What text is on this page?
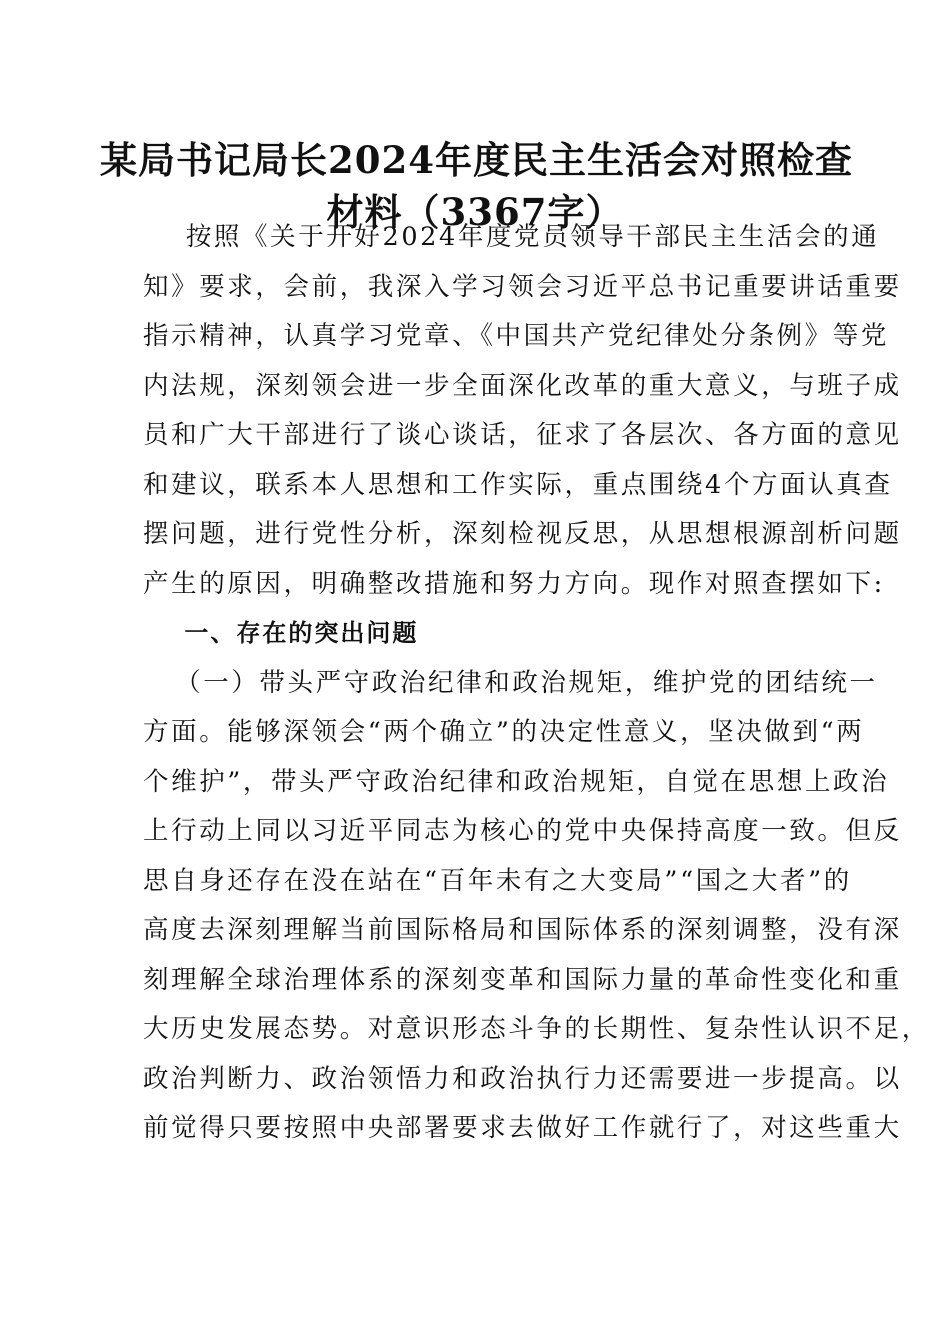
某局书记局长2024年度民主生活会对照检查
材料（3367字）
按照《关于开好2024年度党员领导干部民主生活会的通
知》要求，会前，我深入学习领会习近平总书记重要讲话重要
指示精神，认真学习党章、《中国共产党纪律处分条例》等党
内法规，深刻领会进一步全面深化改革的重大意义，与班子成
员和广大干部进行了谈心谈话，征求了各层次、各方面的意见
和建议，联系本人思想和工作实际，重点围绕4个方面认真查
摆问题，进行党性分析，深刻检视反思，从思想根源剖析问题
产生的原因，明确整改措施和努力方向。现作对照查摆如下:
一、存在的突出问题
（一）带头严守政治纪律和政治规矩，维护党的团结统一
方面。能够深领会“两个确立”的决定性意义，坚决做到“两
个维护”，带头严守政治纪律和政治规矩，自觉在思想上政治
上行动上同以习近平同志为核心的党中央保持高度一致。但反
思自身还存在没在站在“百年未有之大变局”“国之大者”的
高度去深刻理解当前国际格局和国际体系的深刻调整，没有深
刻理解全球治理体系的深刻变革和国际力量的革命性变化和重
大历史发展态势。对意识形态斗争的长期性、复杂性认识不足，
政治判断力、政治领悟力和政治执行力还需要进一步提高。以
前觉得只要按照中央部署要求去做好工作就行了，对这些重大
